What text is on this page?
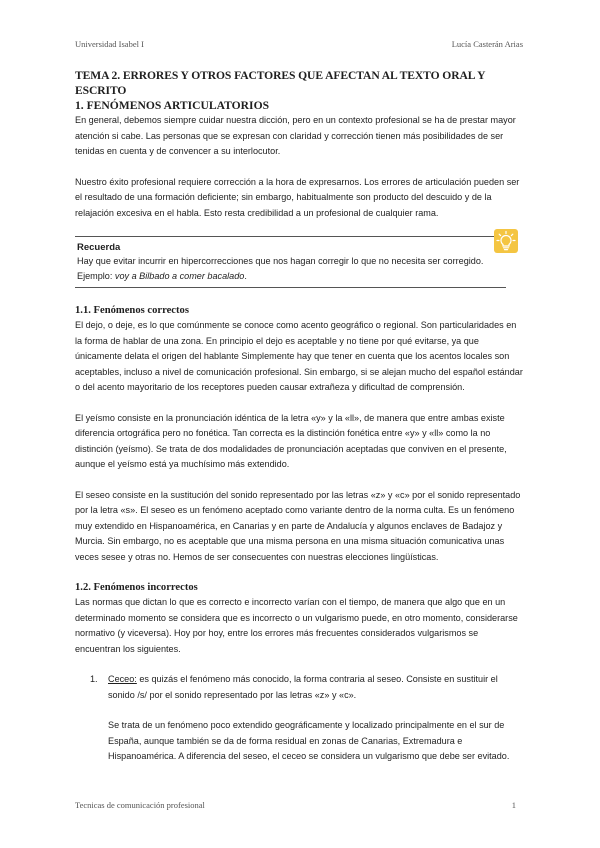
Universidad Isabel I	Lucía Casterán Arias
TEMA 2. ERRORES Y OTROS FACTORES QUE AFECTAN AL TEXTO ORAL Y ESCRITO
1. FENÓMENOS ARTICULATORIOS

En general, debemos siempre cuidar nuestra dicción, pero en un contexto profesional se ha de prestar mayor atención si cabe. Las personas que se expresan con claridad y corrección tienen más posibilidades de ser tenidas en cuenta y de convencer a su interlocutor.

Nuestro éxito profesional requiere corrección a la hora de expresarnos. Los errores de articulación pueden ser el resultado de una formación deficiente; sin embargo, habitualmente son producto del descuido y de la relajación excesiva en el habla. Esto resta credibilidad a un profesional de cualquier rama.

Recuerda
Hay que evitar incurrir en hipercorrecciones que nos hagan corregir lo que no necesita ser corregido. Ejemplo: voy a Bilbado a comer bacalado.
1.1. Fenómenos correctos

El dejo, o deje, es lo que comúnmente se conoce como acento geográfico o regional. Son particularidades en la forma de hablar de una zona. En principio el dejo es aceptable y no tiene por qué evitarse, ya que únicamente delata el origen del hablante Simplemente hay que tener en cuenta que los acentos locales son aceptables, incluso a nivel de comunicación profesional. Sin embargo, si se alejan mucho del español estándar o del acento mayoritario de los receptores pueden causar extrañeza y dificultad de comprensión.

El yeísmo consiste en la pronunciación idéntica de la letra «y» y la «ll», de manera que entre ambas existe diferencia ortográfica pero no fonética. Tan correcta es la distinción fonética entre «y» y «ll» como la no distinción (yeísmo). Se trata de dos modalidades de pronunciación aceptadas que conviven en el presente, aunque el yeísmo está ya muchísimo más extendido.

El seseo consiste en la sustitución del sonido representado por las letras «z» y «c» por el sonido representado por la letra «s». El seseo es un fenómeno aceptado como variante dentro de la norma culta. Es un fenómeno muy extendido en Hispanoamérica, en Canarias y en parte de Andalucía y algunos enclaves de Badajoz y Murcia. Sin embargo, no es aceptable que una misma persona en una misma situación comunicativa unas veces sesee y otras no. Hemos de ser consecuentes con nuestras elecciones lingüísticas.

1.2. Fenómenos incorrectos

Las normas que dictan lo que es correcto e incorrecto varían con el tiempo, de manera que algo que en un determinado momento se considera que es incorrecto o un vulgarismo puede, en otro momento, considerarse normativo (y viceversa). Hoy por hoy, entre los errores más frecuentes considerados vulgarismos se encuentran los siguientes.

1. Ceceo: es quizás el fenómeno más conocido, la forma contraria al seseo. Consiste en sustituir el sonido /s/ por el sonido representado por las letras «z» y «c».

Se trata de un fenómeno poco extendido geográficamente y localizado principalmente en el sur de España, aunque también se da de forma residual en zonas de Canarias, Extremadura e Hispanoamérica. A diferencia del seseo, el ceceo se considera un vulgarismo que debe ser evitado.

Tecnicas de comunicación profesional	1
